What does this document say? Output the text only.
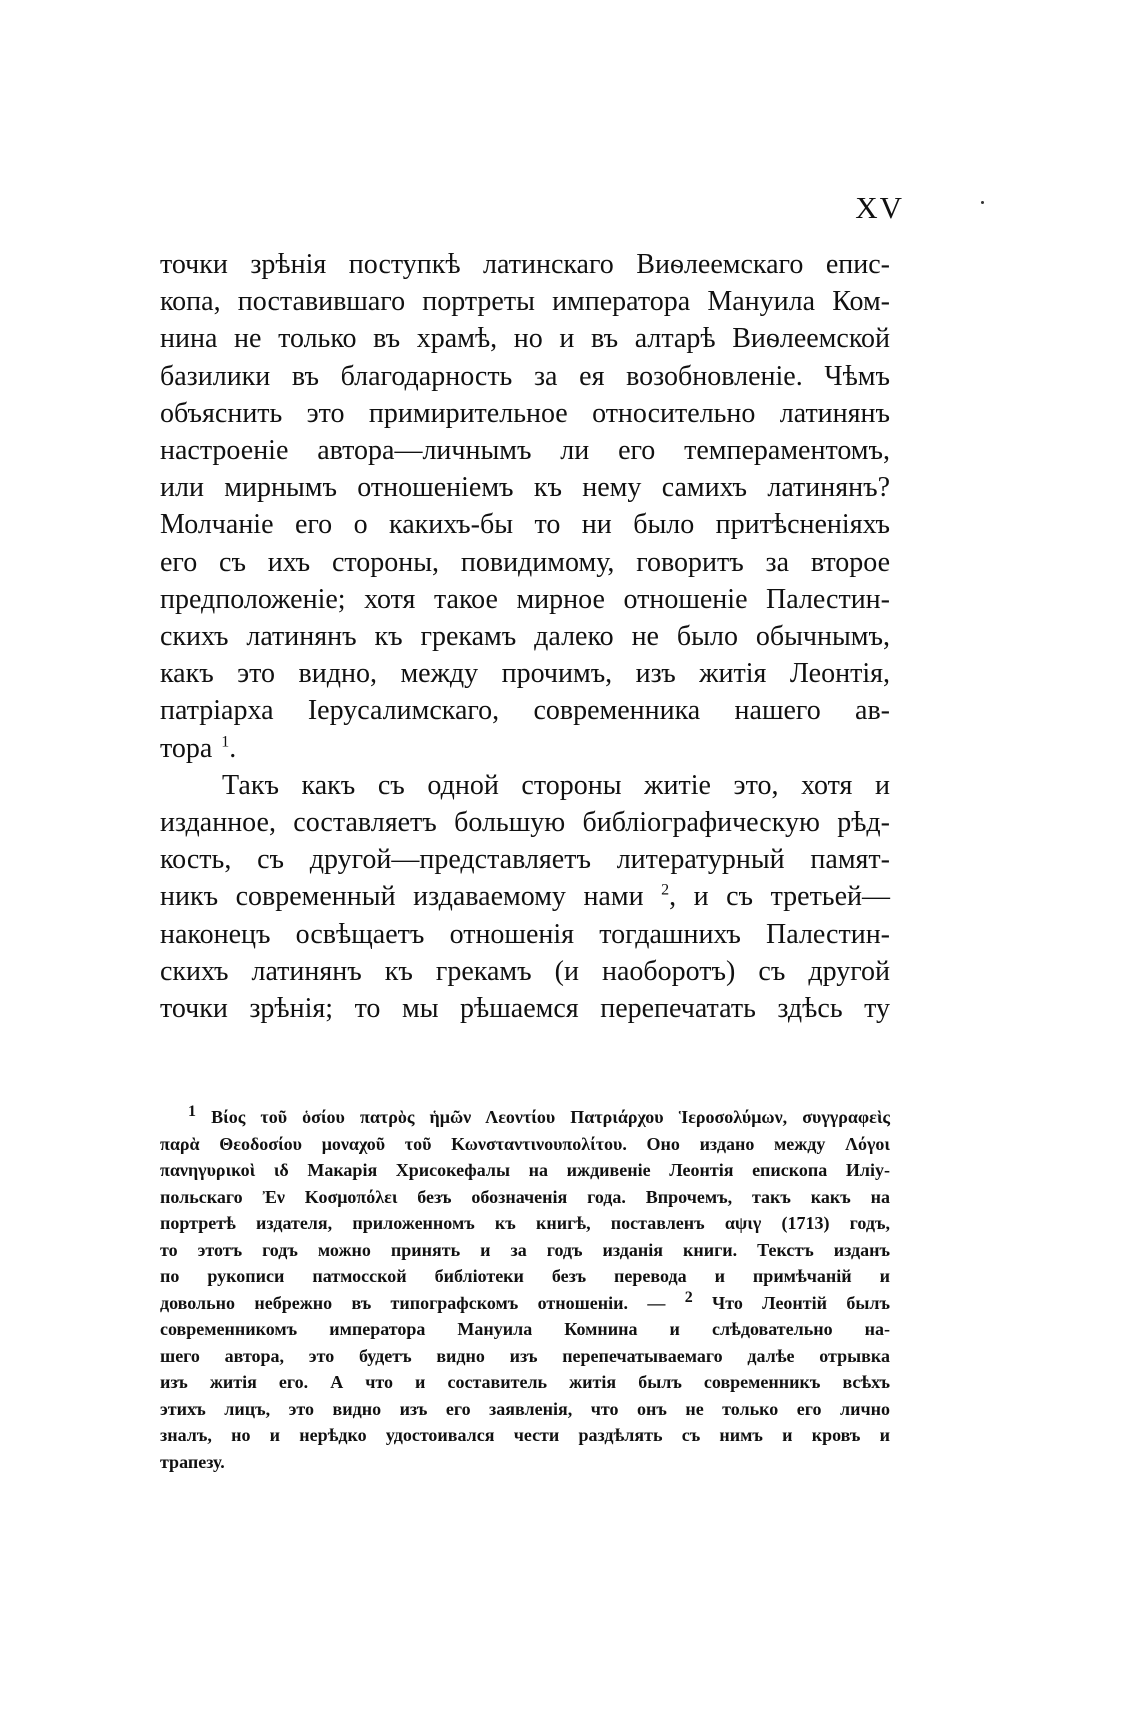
XV
точки зрѣнія поступкѣ латинскаго Виѳлеемскаго епис-
копа, поставившаго портреты императора Мануила Ком-
нина не только въ храмѣ, но и въ алтарѣ Виѳлеемской
базилики въ благодарность за ея возобновленіе. Чѣмъ
объяснить это примирительное относительно латинянъ
настроеніе автора—личнымъ ли его темпераментомъ,
или мирнымъ отношеніемъ къ нему самихъ латинянъ?
Молчаніе его о какихъ-бы то ни было притѣсненіяхъ
его съ ихъ стороны, повидимому, говоритъ за второе
предположеніе; хотя такое мирное отношеніе Палестин-
скихъ латинянъ къ грекамъ далеко не было обычнымъ,
какъ это видно, между прочимъ, изъ житія Леонтія,
патріарха Іерусалимскаго, современника нашего ав-
тора $^1$.
Такъ какъ съ одной стороны житіе это, хотя и
изданное, составляетъ большую библіографическую рѣд-
кость, съ другой—представляетъ литературный памят-
никъ современный издаваемому нами $^2$, и съ третьей—
наконецъ освѣщаетъ отношенія тогдашнихъ Палестин-
скихъ латинянъ къ грекамъ (и наоборотъ) съ другой
точки зрѣнія; то мы рѣшаемся перепечатать здѣсь ту
$^1$ Βίος τοῦ ὁσίου πατρὸς ἡμῶν Λεοντίου Πατριάρχου Ἱεροσολύμων, συγγραφεὶς
παρὰ Θεοδοσίου μοναχοῦ τοῦ Κωνσταντινουπολίτου. Оно издано между Λόγοι
πανηγυρικοὶ ιδ Макарія Хрисокефалы на иждивеніе Леонтія епископа Иліу-
польскаго Ἐν Κοσμοπόλει безъ обозначенія года. Впрочемъ, такъ какъ на
портретѣ издателя, приложенномъ къ книгѣ, поставленъ αψιγ (1713) годъ,
то этотъ годъ можно принять и за годъ изданія книги. Текстъ изданъ
по рукописи патмосской библіотеки безъ перевода и примѣчаній и
довольно небрежно въ типографскомъ отношеніи. — $^2$ Что Леонтій былъ
современникомъ императора Мануила Комнина и слѣдовательно на-
шего автора, это будетъ видно изъ перепечатываемаго далѣе отрывка
изъ житія его. А что и составитель житія былъ современникъ всѣхъ
этихъ лицъ, это видно изъ его заявленія, что онъ не только его лично
зналъ, но и нерѣдко удостоивался чести раздѣлять съ нимъ и кровъ и
трапезу.
